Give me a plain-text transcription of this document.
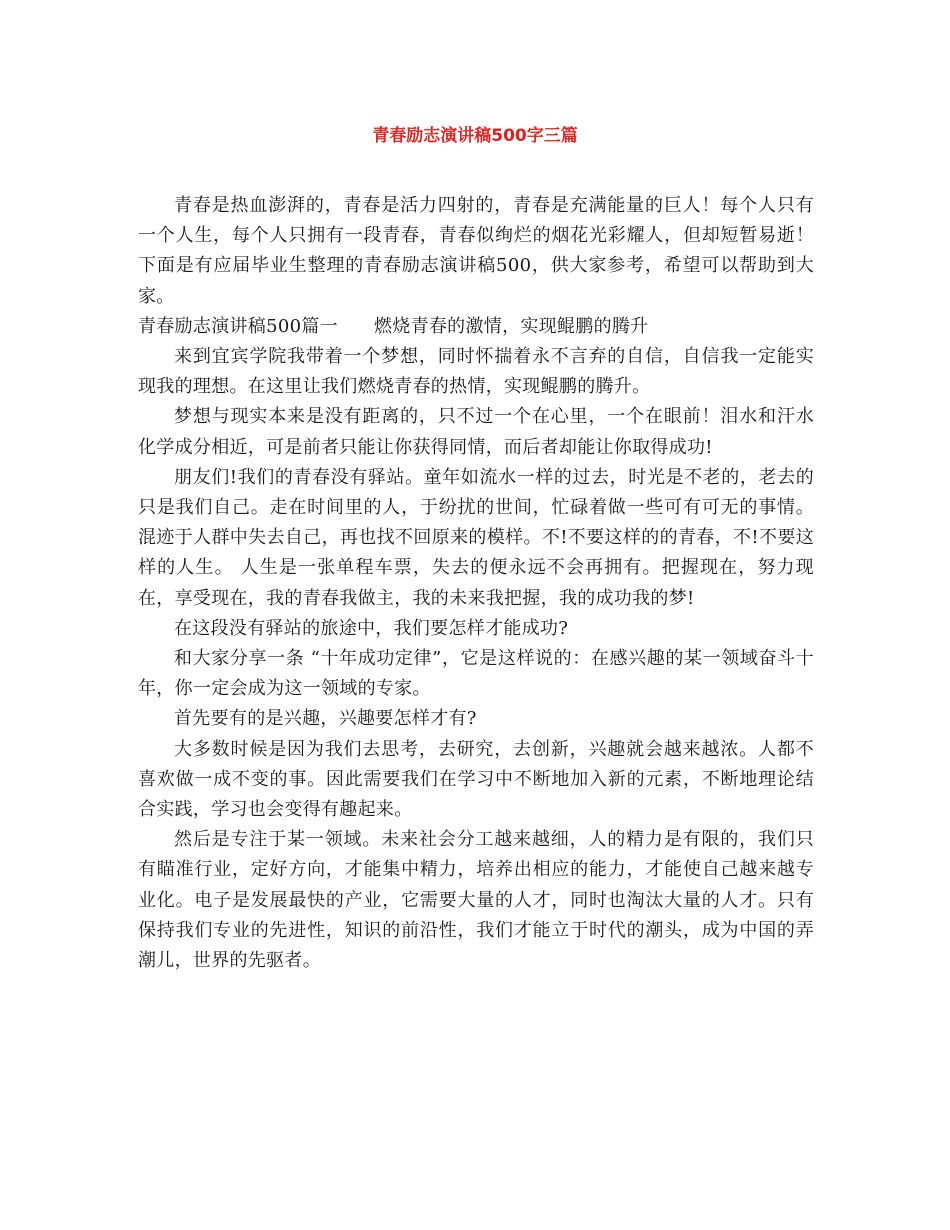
青春励志演讲稿500字三篇

青春是热血澎湃的，青春是活力四射的，青春是充满能量的巨人！每个人只有一个人生，每个人只拥有一段青春，青春似绚烂的烟花光彩耀人，但却短暂易逝！下面是有应届毕业生整理的青春励志演讲稿500，供大家参考，希望可以帮助到大家。

青春励志演讲稿500篇一 燃烧青春的激情，实现鲲鹏的腾升

来到宜宾学院我带着一个梦想，同时怀揣着永不言弃的自信，自信我一定能实现我的理想。在这里让我们燃烧青春的热情，实现鲲鹏的腾升。

梦想与现实本来是没有距离的，只不过一个在心里，一个在眼前！泪水和汗水化学成分相近，可是前者只能让你获得同情，而后者却能让你取得成功!

朋友们!我们的青春没有驿站。童年如流水一样的过去，时光是不老的，老去的只是我们自己。走在时间里的人，于纷扰的世间，忙碌着做一些可有可无的事情。混迹于人群中失去自己，再也找不回原来的模样。不!不要这样的的青春，不!不要这样的人生。 人生是一张单程车票，失去的便永远不会再拥有。把握现在，努力现在，享受现在，我的青春我做主，我的未来我把握，我的成功我的梦!

在这段没有驿站的旅途中，我们要怎样才能成功?

和大家分享一条 “十年成功定律”，它是这样说的：在感兴趣的某一领域奋斗十年，你一定会成为这一领域的专家。

首先要有的是兴趣，兴趣要怎样才有?

大多数时候是因为我们去思考，去研究，去创新，兴趣就会越来越浓。人都不喜欢做一成不变的事。因此需要我们在学习中不断地加入新的元素，不断地理论结合实践，学习也会变得有趣起来。

然后是专注于某一领域。未来社会分工越来越细，人的精力是有限的，我们只有瞄准行业，定好方向，才能集中精力，培养出相应的能力，才能使自己越来越专业化。电子是发展最快的产业，它需要大量的人才，同时也淘汰大量的人才。只有保持我们专业的先进性，知识的前沿性，我们才能立于时代的潮头，成为中国的弄潮儿，世界的先驱者。
